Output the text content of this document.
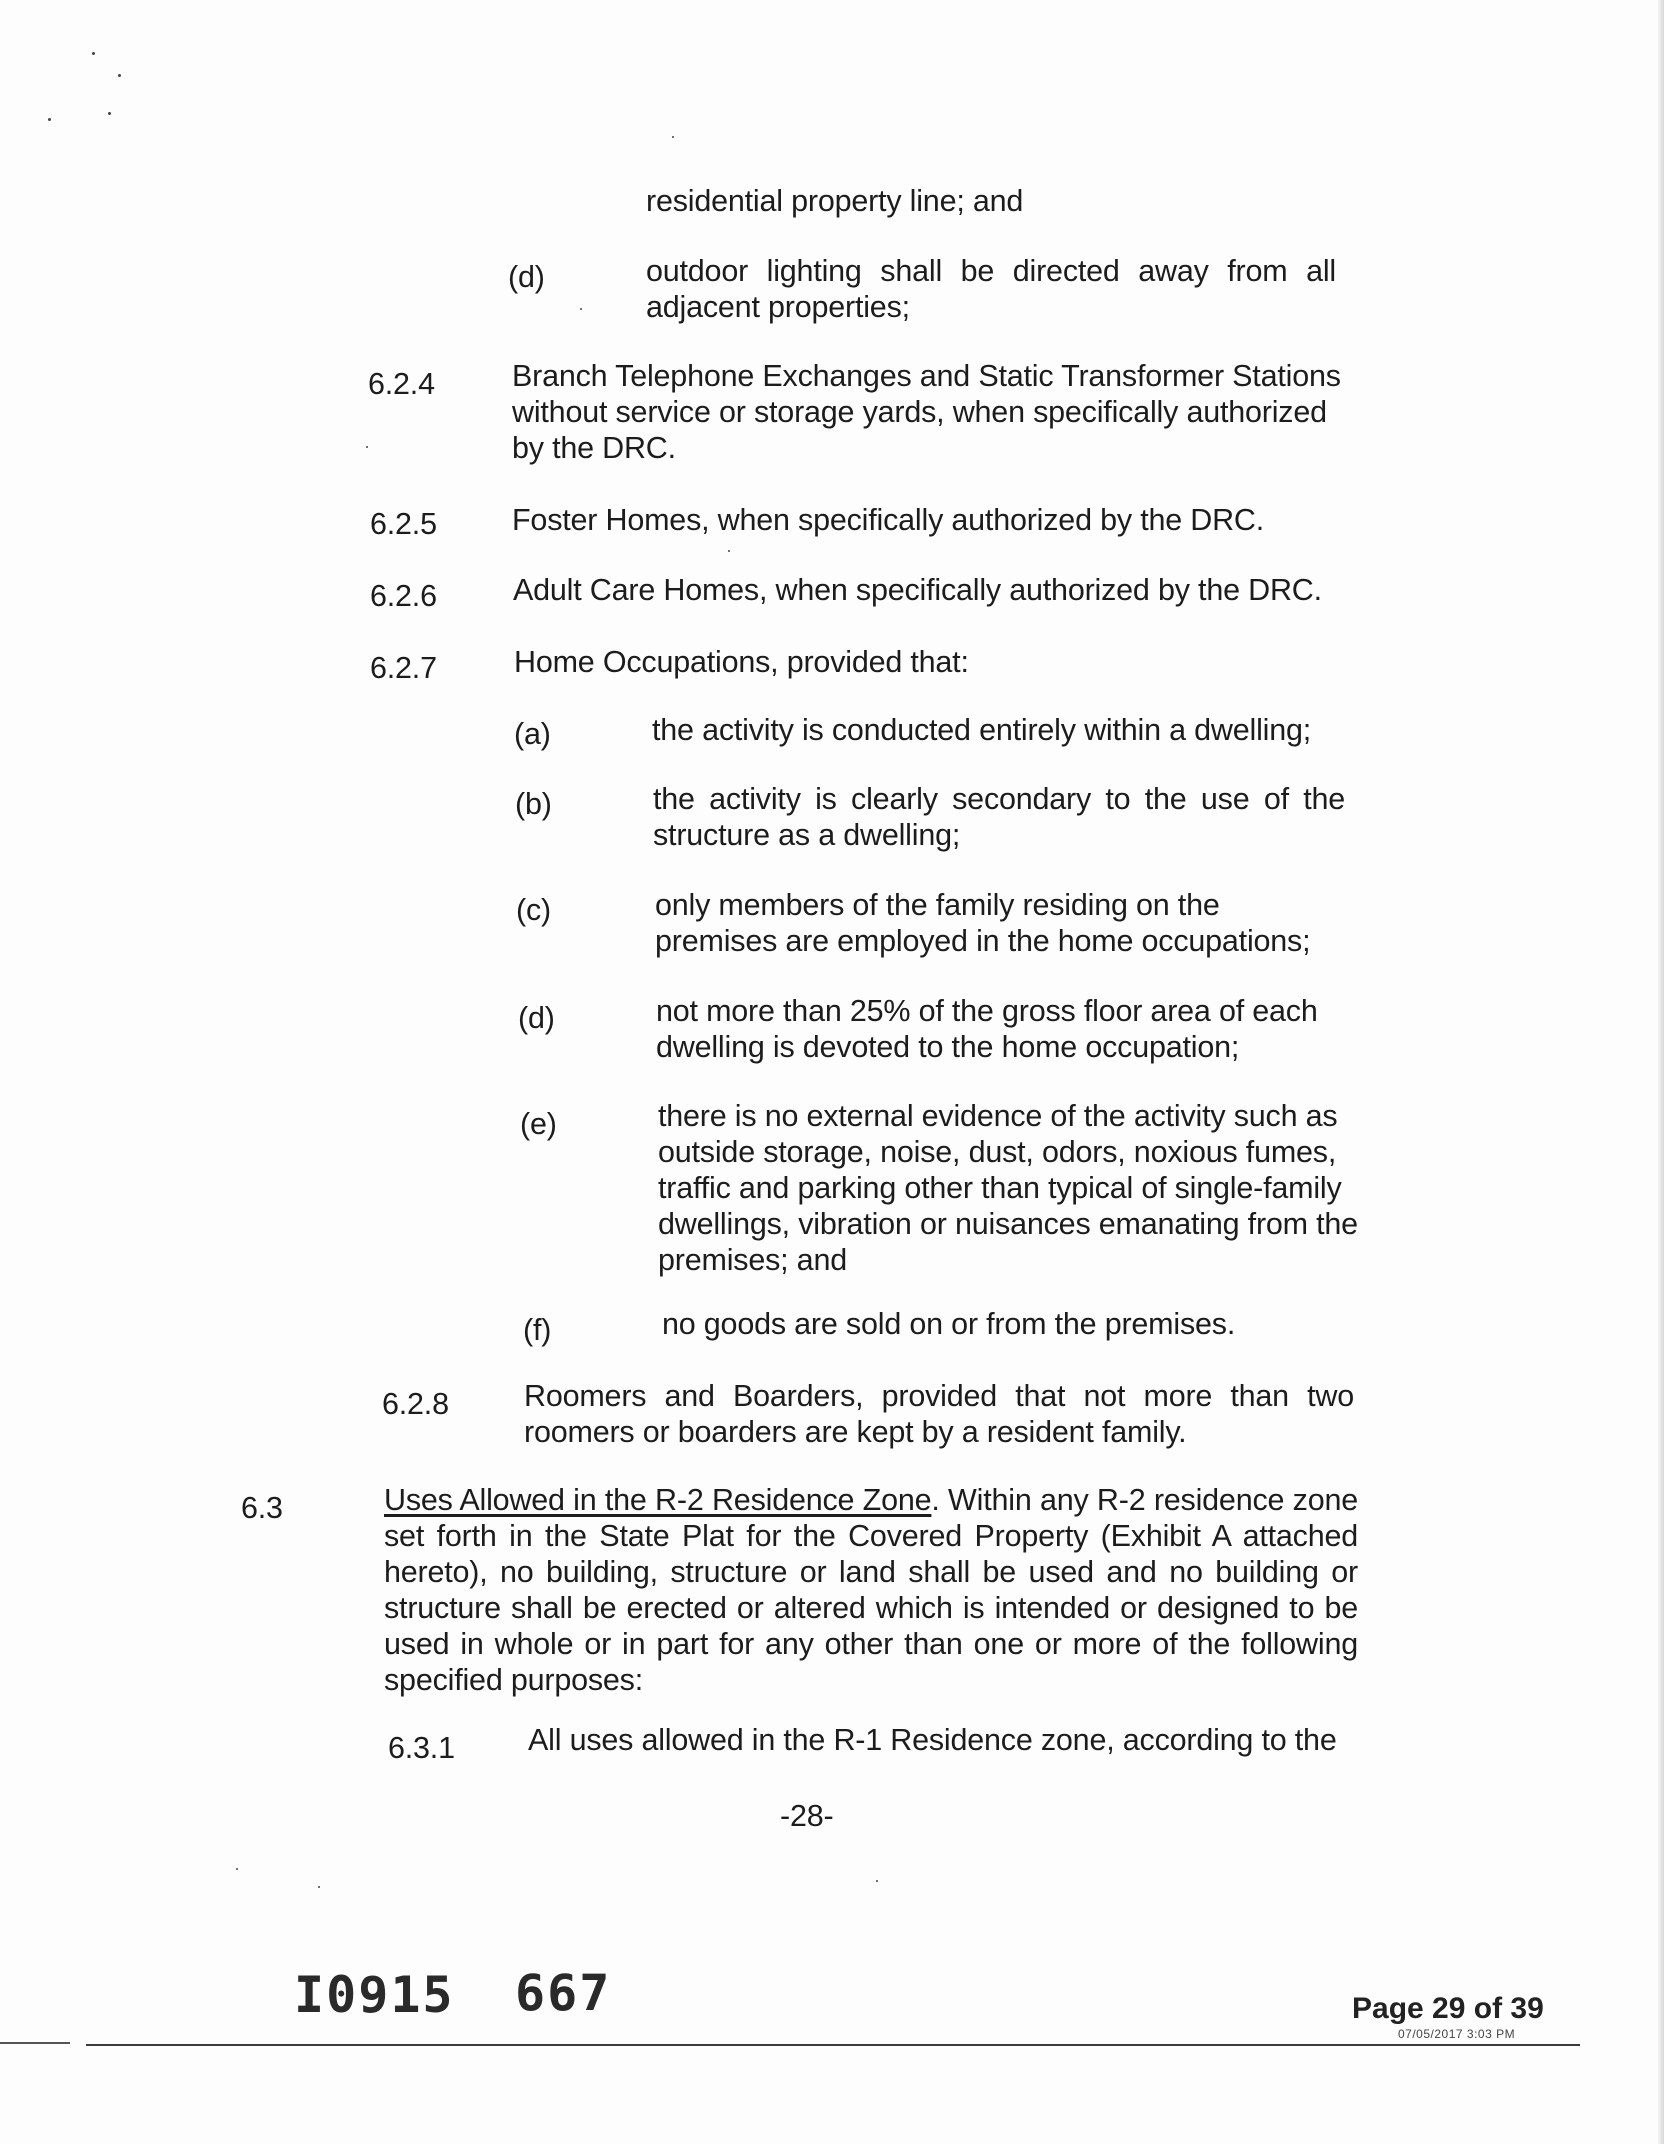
residential property line; and

(d)	outdoor lighting shall be directed away from all adjacent properties;

6.2.4	Branch Telephone Exchanges and Static Transformer Stations without service or storage yards, when specifically authorized by the DRC.

6.2.5 Foster Homes, when specifically authorized by the DRC.

6.2.6 Adult Care Homes, when specifically authorized by the DRC.

6.2.7	Home Occupations, provided that:

(a)	the activity is conducted entirely within a dwelling;

(b)	the activity is clearly secondary to the use of the structure as a dwelling;

(c)	only members of the family residing on the premises are employed in the home occupations;

(d)	not more than 25% of the gross floor area of each dwelling is devoted to the home occupation;

(e)	there is no external evidence of the activity such as outside storage, noise, dust, odors, noxious fumes, traffic and parking other than typical of single-family dwellings, vibration or nuisances emanating from the premises; and

(f)	no goods are sold on or from the premises.

6.2.8 Roomers and Boarders, provided that not more than two roomers or boarders are kept by a resident family.

6.3	Uses Allowed in the R-2 Residence Zone. Within any R-2 residence zone set forth in the State Plat for the Covered Property (Exhibit A attached hereto), no building, structure or land shall be used and no building or structure shall be erected or altered which is intended or designed to be used in whole or in part for any other than one or more of the following specified purposes:

6.3.1 All uses allowed in the R-1 Residence zone, according to the

-28-

I0915 667	Page 29 of 39
07/05/2017 3:03 PM
